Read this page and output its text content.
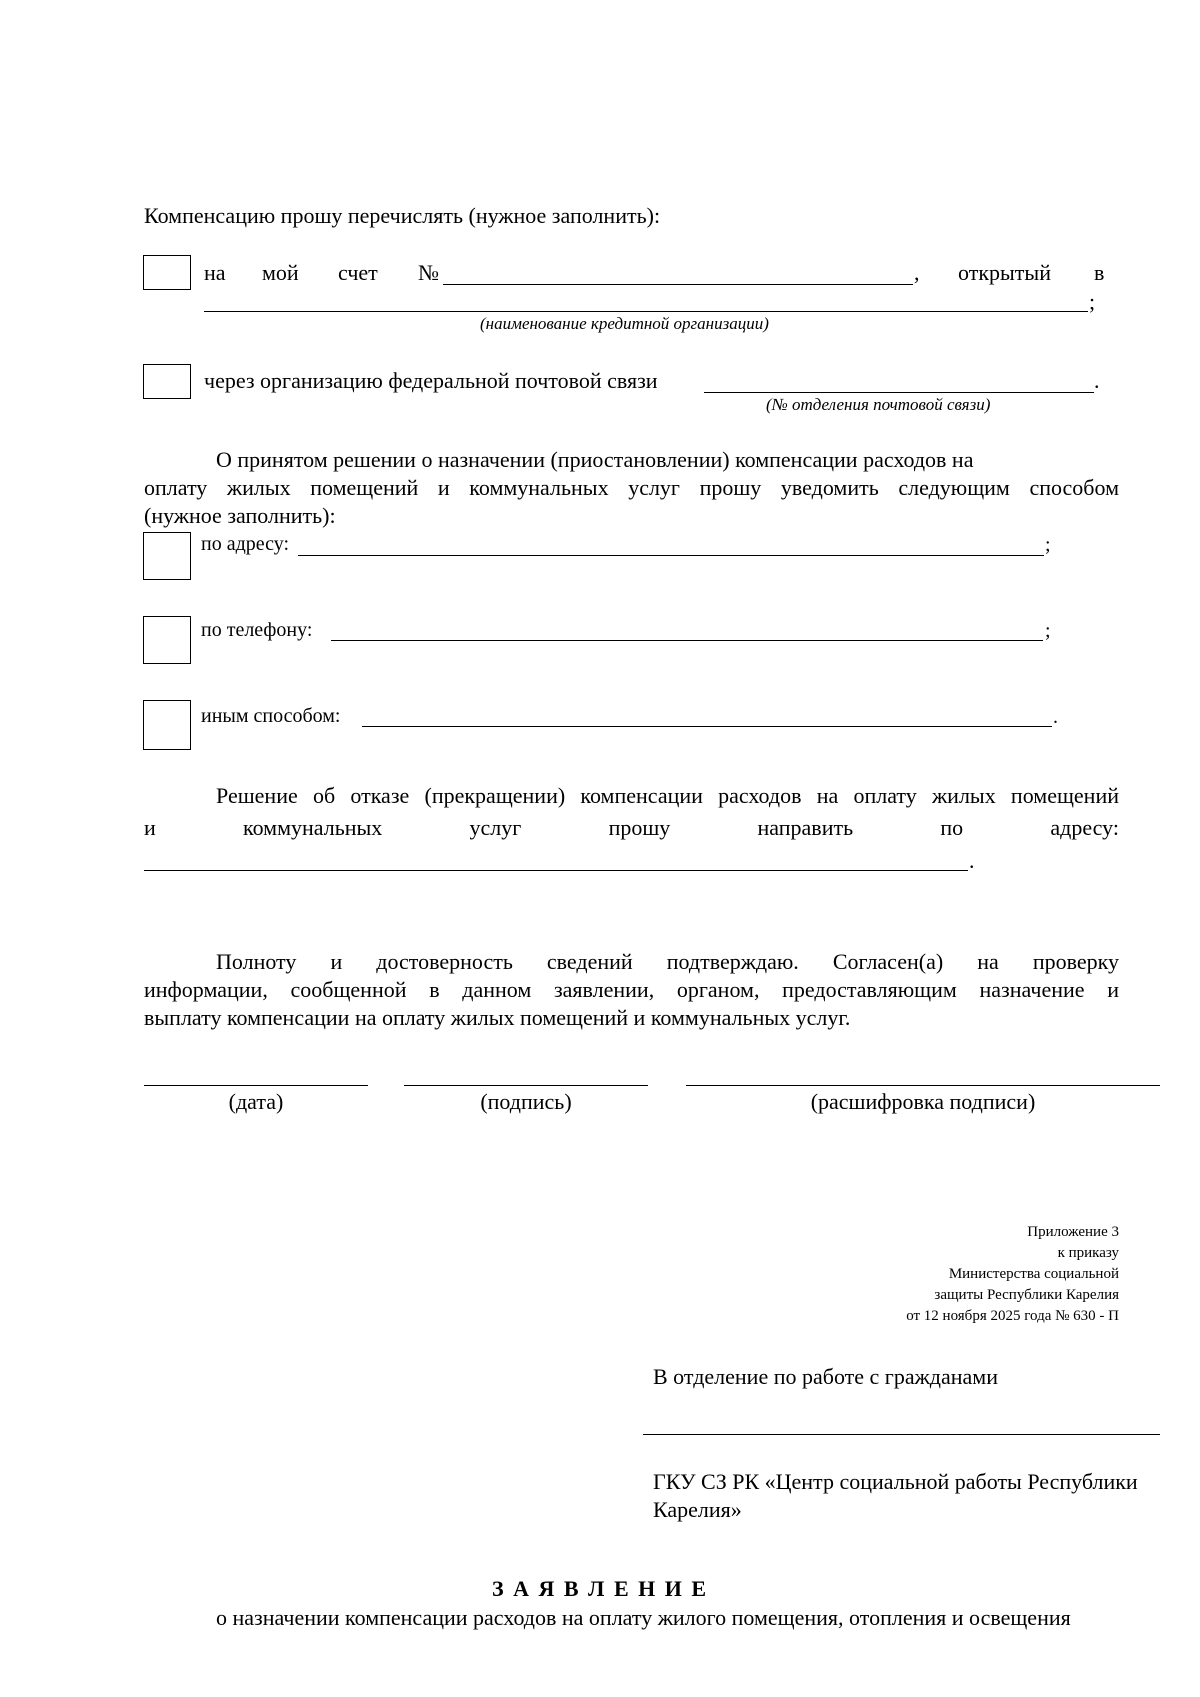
Компенсацию прошу перечислять (нужное заполнить):
на мой счет №	, открытый в
;
(наименование кредитной организации)
через организацию федеральной почтовой связи	.
(№ отделения почтовой связи)
О принятом решении о назначении (приостановлении) компенсации расходов на
оплату жилых помещений и коммунальных услуг прошу уведомить следующим способом
(нужное заполнить):
по адресу:	;
по телефону:	;
иным способом:	.
Решение об отказе (прекращении) компенсации расходов на оплату жилых помещений
и	коммунальных	услуг	прошу	направить	по	адресу:
.
Полноту и достоверность сведений подтверждаю. Согласен(а) на проверку
информации, сообщенной в данном заявлении, органом, предоставляющим назначение и
выплату компенсации на оплату жилых помещений и коммунальных услуг.
(дата)	(подпись)	(расшифровка подписи)
Приложение 3
к приказу
Министерства социальной
защиты Республики Карелия
от 12 ноября 2025 года № 630 - П
В отделение по работе с гражданами
ГКУ СЗ РК «Центр социальной работы Республики
Карелия»
З А Я В Л Е Н И Е
о назначении компенсации расходов на оплату жилого помещения, отопления и освещения
